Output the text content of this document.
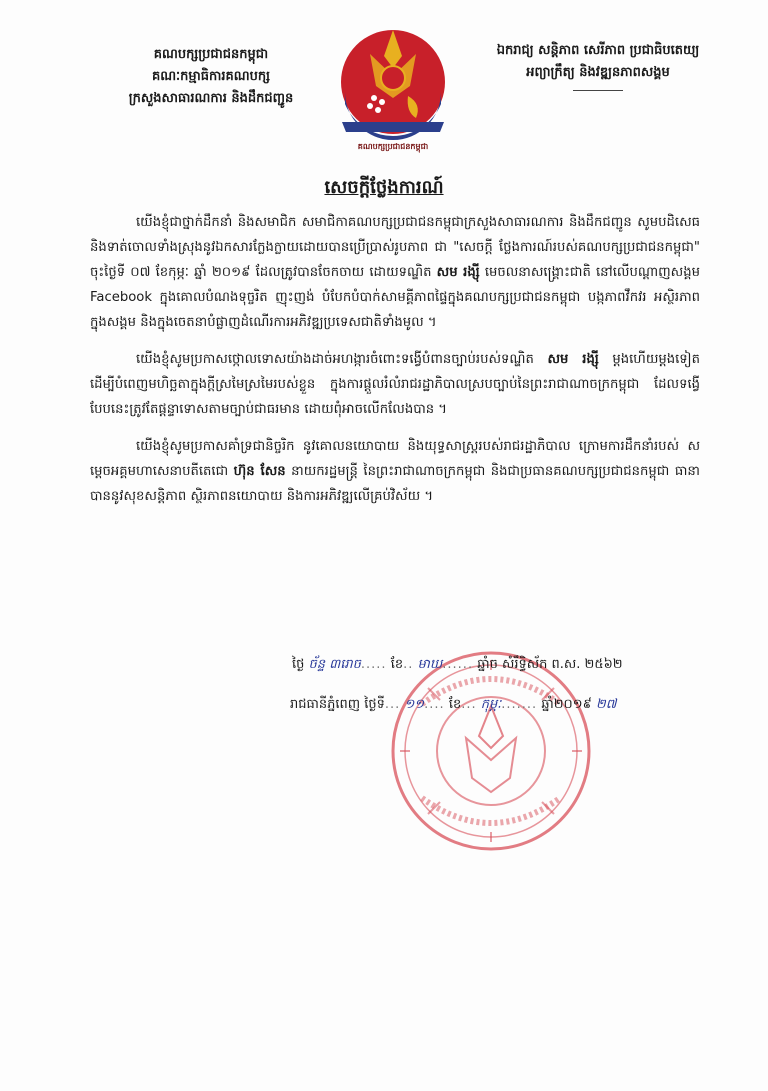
គណបក្សប្រជាជនកម្ពុជា
គណៈកម្មាធិការគណបក្ស
ក្រសួងសាធារណការ និងដឹកជញ្ជូន
គណបក្សប្រជាជនកម្ពុជា
ឯករាជ្យ សន្តិភាព សេរីភាព ប្រជាធិបតេយ្យ
អព្យាក្រឹត្យ និងវឌ្ឍនភាពសង្គម
សេចក្តីថ្លែងការណ៍

យើងខ្ញុំជាថ្នាក់ដឹកនាំ និងសមាជិក សមាជិកាគណបក្សប្រជាជនកម្ពុជាក្រសួងសាធារណការ និងដឹកជញ្ជូន សូមបដិសេធ និងទាត់ចោលទាំងស្រុងនូវឯកសារក្លែងក្លាយដោយបានប្រើប្រាស់រូបភាព ជា "សេចក្តី ថ្លែងការណ៍របស់គណបក្សប្រជាជនកម្ពុជា" ចុះថ្ងៃទី ០៧ ខែកុម្ភៈ ឆ្នាំ ២០១៩ ដែលត្រូវបានចែកចាយ ដោយទណ្ឌិត សម រង្ស៊ី មេចលនាសង្គ្រោះជាតិ នៅលើបណ្តាញសង្គម Facebook ក្នុងគោលបំណងទុច្ចរិត ញុះញង់ បំបែកបំបាក់សាមគ្គីភាពផ្ទៃក្នុងគណបក្សប្រជាជនកម្ពុជា បង្កភាពវឹកវរ អស្ថិរភាព ក្នុងសង្គម និងក្នុងចេតនាបំផ្លាញដំណើរការអភិវឌ្ឍប្រទេសជាតិទាំងមូល ។

យើងខ្ញុំសូមប្រកាសថ្កោលទោសយ៉ាងដាច់អហង្ការចំពោះទង្វើបំពានច្បាប់របស់ទណ្ឌិត សម រង្ស៊ី ម្តងហើយម្តងទៀត ដើម្បីបំពេញមហិច្ឆតាក្នុងក្តីស្រមៃស្រមៃរបស់ខ្លួន ក្នុងការផ្តួលរំលំរាជរដ្ឋាភិបាលស្របច្បាប់នៃព្រះរាជាណាចក្រកម្ពុជា ដែលទង្វើបែបនេះត្រូវតែផ្តន្ទាទោសតាមច្បាប់ជាធរមាន ដោយពុំអាចលើកលែងបាន ។

យើងខ្ញុំសូមប្រកាសគាំទ្រជានិច្ចរិក នូវគោលនយោបាយ និងយុទ្ធសាស្ត្ររបស់រាជរដ្ឋាភិបាល ក្រោមការដឹកនាំរបស់ សម្តេចអគ្គមហាសេនាបតីតេជោ ហ៊ុន សែន នាយករដ្ឋមន្ត្រី នៃព្រះរាជាណាចក្រកម្ពុជា និងជាប្រធានគណបក្សប្រជាជនកម្ពុជា ធានាបាននូវសុខសន្តិភាព ស្ថិរភាពនយោបាយ និងការអភិវឌ្ឍលើគ្រប់វិស័យ ។

ថ្ងៃ ច័ន្ទ ៣រោច..... ខែ.. មាឃ...... ឆ្នាំច សំរឹទ្ធិស័ក ព.ស. ២៥៦២
រាជធានីភ្នំពេញ ថ្ងៃទី... ១១.... ខែ... កុម្ភៈ....... ឆ្នាំ២០១៩ ២៧
